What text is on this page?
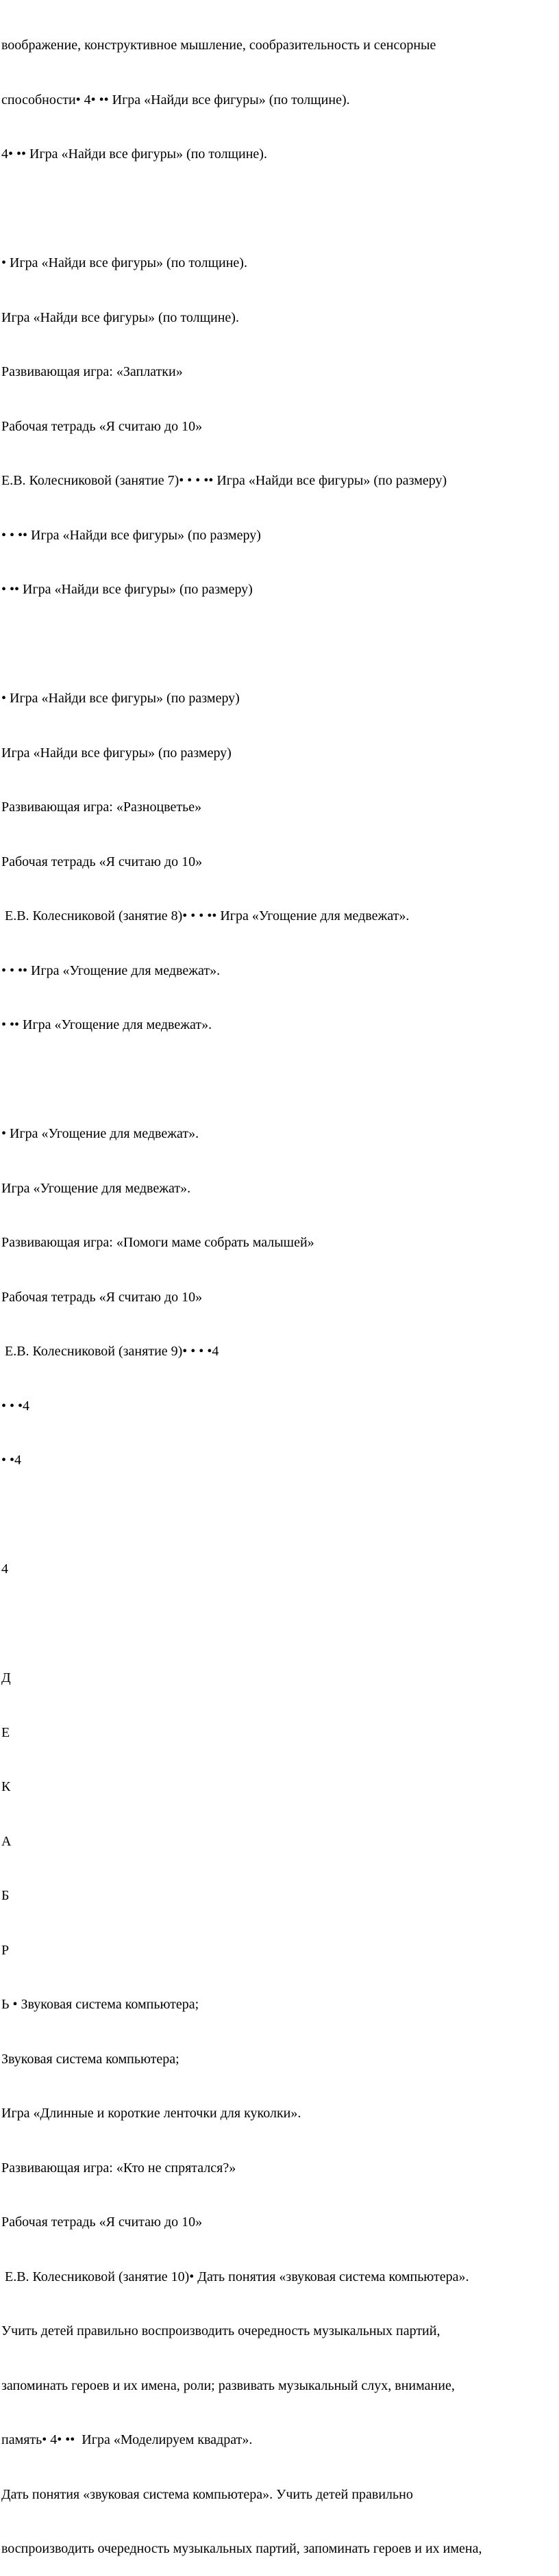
воображение, конструктивное мышление, сообразительность и сенсорные

способности• 4• •• Игра «Найди все фигуры» (по толщине).

4• •• Игра «Найди все фигуры» (по толщине).

• Игра «Найди все фигуры» (по толщине).

Игра «Найди все фигуры» (по толщине).

Развивающая игра: «Заплатки»

Рабочая тетрадь «Я считаю до 10»

Е.В. Колесниковой (занятие 7)• • • •• Игра «Найди все фигуры» (по размеру)

• • •• Игра «Найди все фигуры» (по размеру)

• •• Игра «Найди все фигуры» (по размеру)

• Игра «Найди все фигуры» (по размеру)

Игра «Найди все фигуры» (по размеру)

Развивающая игра: «Разноцветье»

Рабочая тетрадь «Я считаю до 10»

Е.В. Колесниковой (занятие 8)• • • •• Игра «Угощение для медвежат».

• • •• Игра «Угощение для медвежат».

• •• Игра «Угощение для медвежат».

• Игра «Угощение для медвежат».

Игра «Угощение для медвежат».

Развивающая игра: «Помоги маме собрать малышей»

Рабочая тетрадь «Я считаю до 10»

Е.В. Колесниковой (занятие 9)• • • •4

• • •4

• •4

4

Д

Е

К

А

Б

Р

Ь • Звуковая система компьютера;

Звуковая система компьютера;

Игра «Длинные и короткие ленточки для куколки».

Развивающая игра: «Кто не спрятался?»

Рабочая тетрадь «Я считаю до 10»

Е.В. Колесниковой (занятие 10)• Дать понятия «звуковая система компьютера».

Учить детей правильно воспроизводить очередность музыкальных партий,

запоминать героев и их имена, роли; развивать музыкальный слух, внимание,

память• 4• ••  Игра «Моделируем квадрат».

Дать понятия «звуковая система компьютера». Учить детей правильно

воспроизводить очередность музыкальных партий, запоминать героев и их имена,
